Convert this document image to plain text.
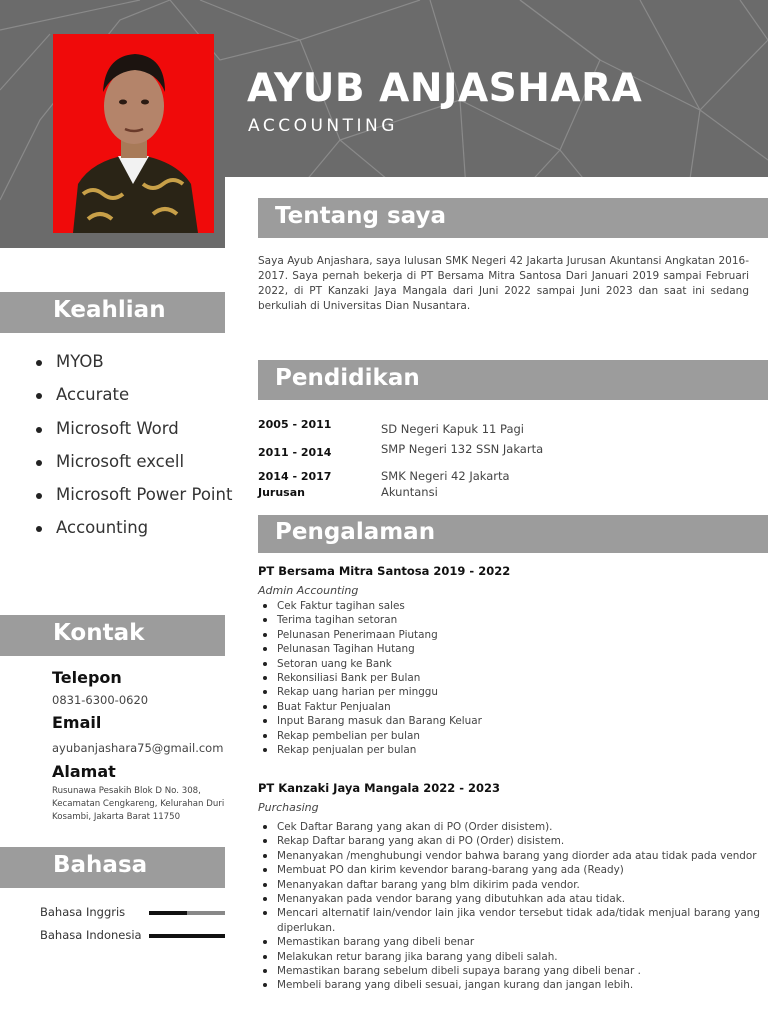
AYUB ANJASHARA
ACCOUNTING
Tentang saya

Saya Ayub Anjashara, saya lulusan SMK Negeri 42 Jakarta Jurusan Akuntansi Angkatan 2016-2017. Saya pernah bekerja di PT Bersama Mitra Santosa Dari Januari 2019 sampai Februari 2022, di PT Kanzaki Jaya Mangala dari Juni 2022 sampai Juni 2023 dan saat ini sedang berkuliah di Universitas Dian Nusantara.

Keahlian
MYOB
Accurate
Microsoft Word
Microsoft excell
Microsoft Power Point
Accounting
Kontak
Telepon
0831-6300-0620
Email
ayubanjashara75@gmail.com
Alamat

Rusunawa Pesakih Blok D No. 308, Kecamatan Cengkareng, Kelurahan Duri Kosambi, Jakarta Barat 11750

Bahasa
Bahasa Inggris
Bahasa Indonesia
Pendidikan
2005 - 2011	SD Negeri Kapuk 11 Pagi
2011 - 2014	SMP Negeri 132 SSN Jakarta
2014 - 2017	SMK Negeri 42 Jakarta
Jurusan	Akuntansi
Pengalaman
PT Bersama Mitra Santosa 2019 - 2022
Admin Accounting
Cek Faktur tagihan sales
Terima tagihan setoran
Pelunasan Penerimaan Piutang
Pelunasan Tagihan Hutang
Setoran uang ke Bank
Rekonsiliasi Bank per Bulan
Rekap uang harian per minggu
Buat Faktur Penjualan
Input Barang masuk dan Barang Keluar
Rekap pembelian per bulan
Rekap penjualan per bulan
PT Kanzaki Jaya Mangala 2022 - 2023
Purchasing
Cek Daftar Barang yang akan di PO (Order disistem).
Rekap Daftar barang yang akan di PO (Order) disistem.
Menanyakan /menghubungi vendor bahwa barang yang diorder ada atau tidak pada vendor
Membuat PO dan kirim kevendor barang-barang yang ada (Ready)
Menanyakan daftar barang yang blm dikirim pada vendor.
Menanyakan pada vendor barang yang dibutuhkan ada atau tidak.
Mencari alternatif lain/vendor lain jika vendor tersebut tidak ada/tidak menjual barang yang diperlukan.
Memastikan barang yang dibeli benar
Melakukan retur barang jika barang yang dibeli salah.
Memastikan barang sebelum dibeli supaya barang yang dibeli benar .
Membeli barang yang dibeli sesuai, jangan kurang dan jangan lebih.
